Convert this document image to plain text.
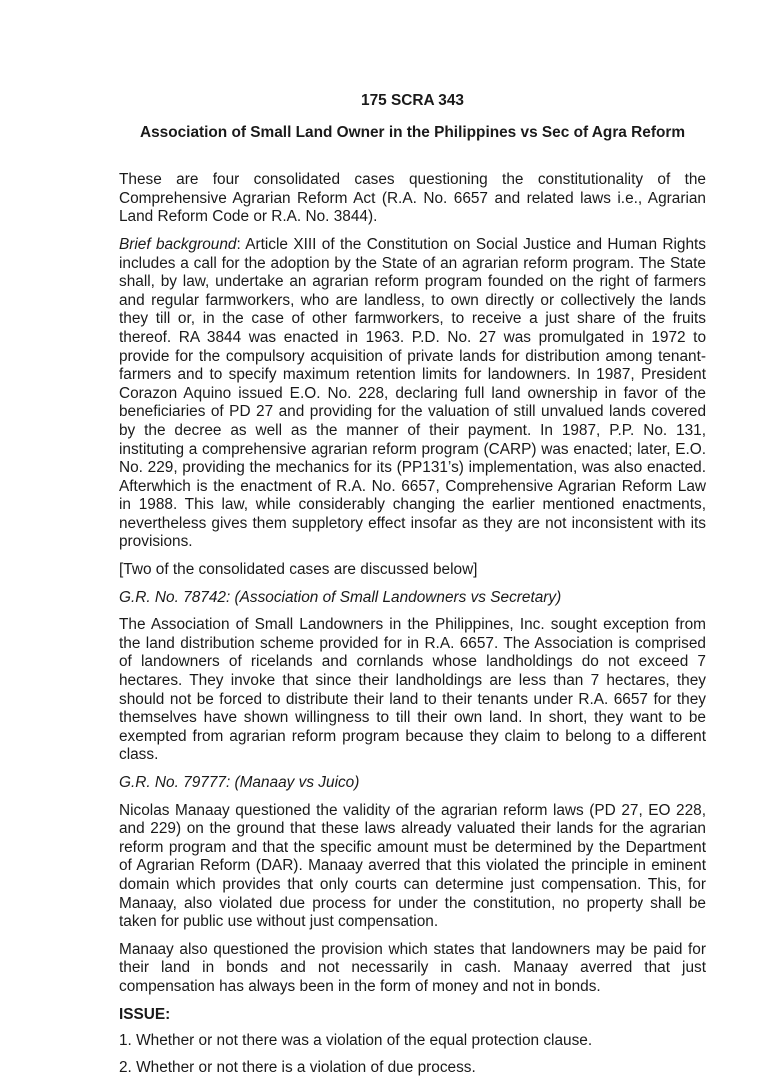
175 SCRA 343
Association of Small Land Owner in the Philippines vs Sec of Agra Reform

These are four consolidated cases questioning the constitutionality of the Comprehensive Agrarian Reform Act (R.A. No. 6657 and related laws i.e., Agrarian Land Reform Code or R.A. No. 3844).

Brief background: Article XIII of the Constitution on Social Justice and Human Rights includes a call for the adoption by the State of an agrarian reform program. The State shall, by law, undertake an agrarian reform program founded on the right of farmers and regular farmworkers, who are landless, to own directly or collectively the lands they till or, in the case of other farmworkers, to receive a just share of the fruits thereof. RA 3844 was enacted in 1963. P.D. No. 27 was promulgated in 1972 to provide for the compulsory acquisition of private lands for distribution among tenant-farmers and to specify maximum retention limits for landowners. In 1987, President Corazon Aquino issued E.O. No. 228, declaring full land ownership in favor of the beneficiaries of PD 27 and providing for the valuation of still unvalued lands covered by the decree as well as the manner of their payment. In 1987, P.P. No. 131, instituting a comprehensive agrarian reform program (CARP) was enacted; later, E.O. No. 229, providing the mechanics for its (PP131’s) implementation, was also enacted. Afterwhich is the enactment of R.A. No. 6657, Comprehensive Agrarian Reform Law in 1988. This law, while considerably changing the earlier mentioned enactments, nevertheless gives them suppletory effect insofar as they are not inconsistent with its provisions.

[Two of the consolidated cases are discussed below]

G.R. No. 78742: (Association of Small Landowners vs Secretary)

The Association of Small Landowners in the Philippines, Inc. sought exception from the land distribution scheme provided for in R.A. 6657. The Association is comprised of landowners of ricelands and cornlands whose landholdings do not exceed 7 hectares. They invoke that since their landholdings are less than 7 hectares, they should not be forced to distribute their land to their tenants under R.A. 6657 for they themselves have shown willingness to till their own land. In short, they want to be exempted from agrarian reform program because they claim to belong to a different class.

G.R. No. 79777: (Manaay vs Juico)

Nicolas Manaay questioned the validity of the agrarian reform laws (PD 27, EO 228, and 229) on the ground that these laws already valuated their lands for the agrarian reform program and that the specific amount must be determined by the Department of Agrarian Reform (DAR). Manaay averred that this violated the principle in eminent domain which provides that only courts can determine just compensation. This, for Manaay, also violated due process for under the constitution, no property shall be taken for public use without just compensation.

Manaay also questioned the provision which states that landowners may be paid for their land in bonds and not necessarily in cash. Manaay averred that just compensation has always been in the form of money and not in bonds.

ISSUE:

1. Whether or not there was a violation of the equal protection clause.

2. Whether or not there is a violation of due process.
